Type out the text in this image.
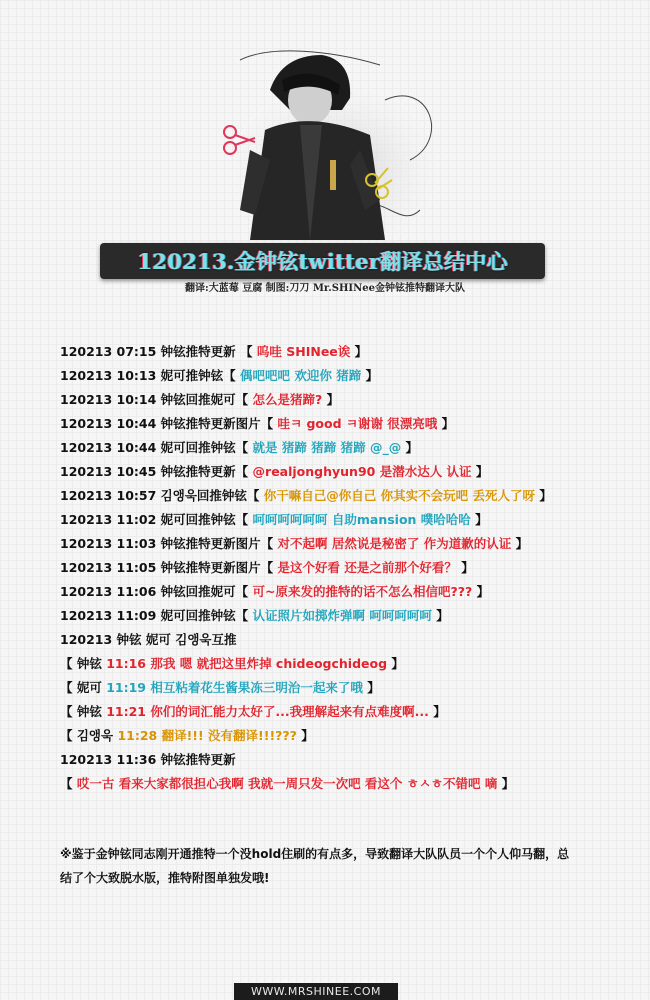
120213.金钟铉twitter翻译总结中心
翻译:大蓝莓 豆腐 制图:刀刀 Mr.SHINee金钟铉推特翻译大队
120213 07:15 钟铉推特更新 【 呜哇 SHINee诶 】
120213 10:13 妮可推钟铉【 偶吧吧吧 欢迎你 猪蹄 】
120213 10:14 钟铉回推妮可【 怎么是猪蹄? 】
120213 10:44 钟铉推特更新图片【 哇ㅋ good ㅋ谢谢 很漂亮哦 】
120213 10:44 妮可回推钟铉【 就是 猪蹄 猪蹄 猪蹄 @_@ 】
120213 10:45 钟铉推特更新【 @realjonghyun90 是潜水达人 认证 】
120213 10:57 김앵욱回推钟铉【 你干嘛自己@你自己 你其实不会玩吧 丢死人了呀 】
120213 11:02 妮可回推钟铉【 呵呵呵呵呵呵 自助mansion 噗哈哈哈 】
120213 11:03 钟铉推特更新图片【 对不起啊 居然说是秘密了 作为道歉的认证 】
120213 11:05 钟铉推特更新图片【 是这个好看 还是之前那个好看？ 】
120213 11:06 钟铉回推妮可【 可~原来发的推特的话不怎么相信吧??? 】
120213 11:09 妮可回推钟铉【 认证照片如掷炸弹啊 呵呵呵呵呵 】
120213 钟铉 妮可 김앵욱互推
【 钟铉 11:16 那我 嗯 就把这里炸掉 chideogchideog 】
【 妮可 11:19 相互粘着花生酱果冻三明治一起来了哦 】
【 钟铉 11:21 你们的词汇能力太好了...我理解起来有点难度啊... 】
【 김앵욱 11:28 翻译!!! 没有翻译!!!??? 】
120213 11:36 钟铉推特更新
【 哎一古 看来大家都很担心我啊 我就一周只发一次吧 看这个 ㅎㅅㅎ不错吧 嘀 】
※鉴于金钟铉同志刚开通推特一个没hold住刷的有点多，导致翻译大队队员一个个人仰马翻，总结了个大致脱水版，推特附图单独发哦!
WWW.MRSHINEE.COM
